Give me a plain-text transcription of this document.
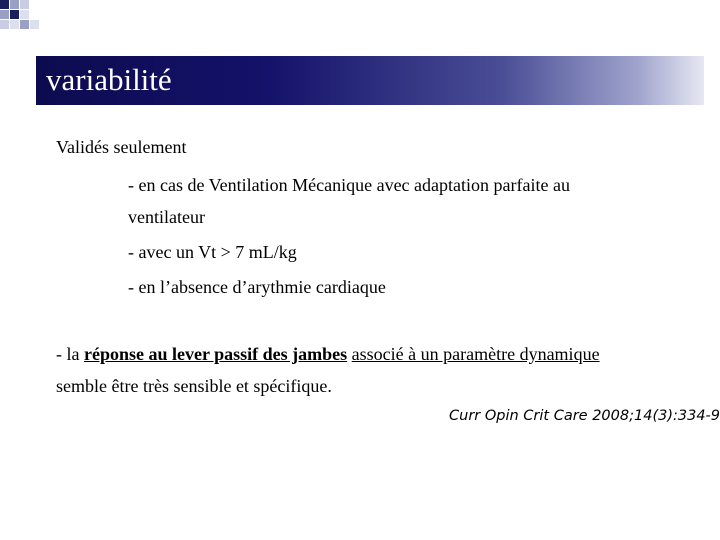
Limites de l’utilisation des indices de
variabilité
Validés seulement
- en cas de Ventilation Mécanique avec adaptation parfaite au
ventilateur
- avec un Vt > 7 mL/kg
- en l’absence d’arythmie cardiaque
- la réponse au lever passif des jambes associé à un paramètre dynamique
semble être très sensible et spécifique.
Curr Opin Crit Care 2008;14(3):334-9
